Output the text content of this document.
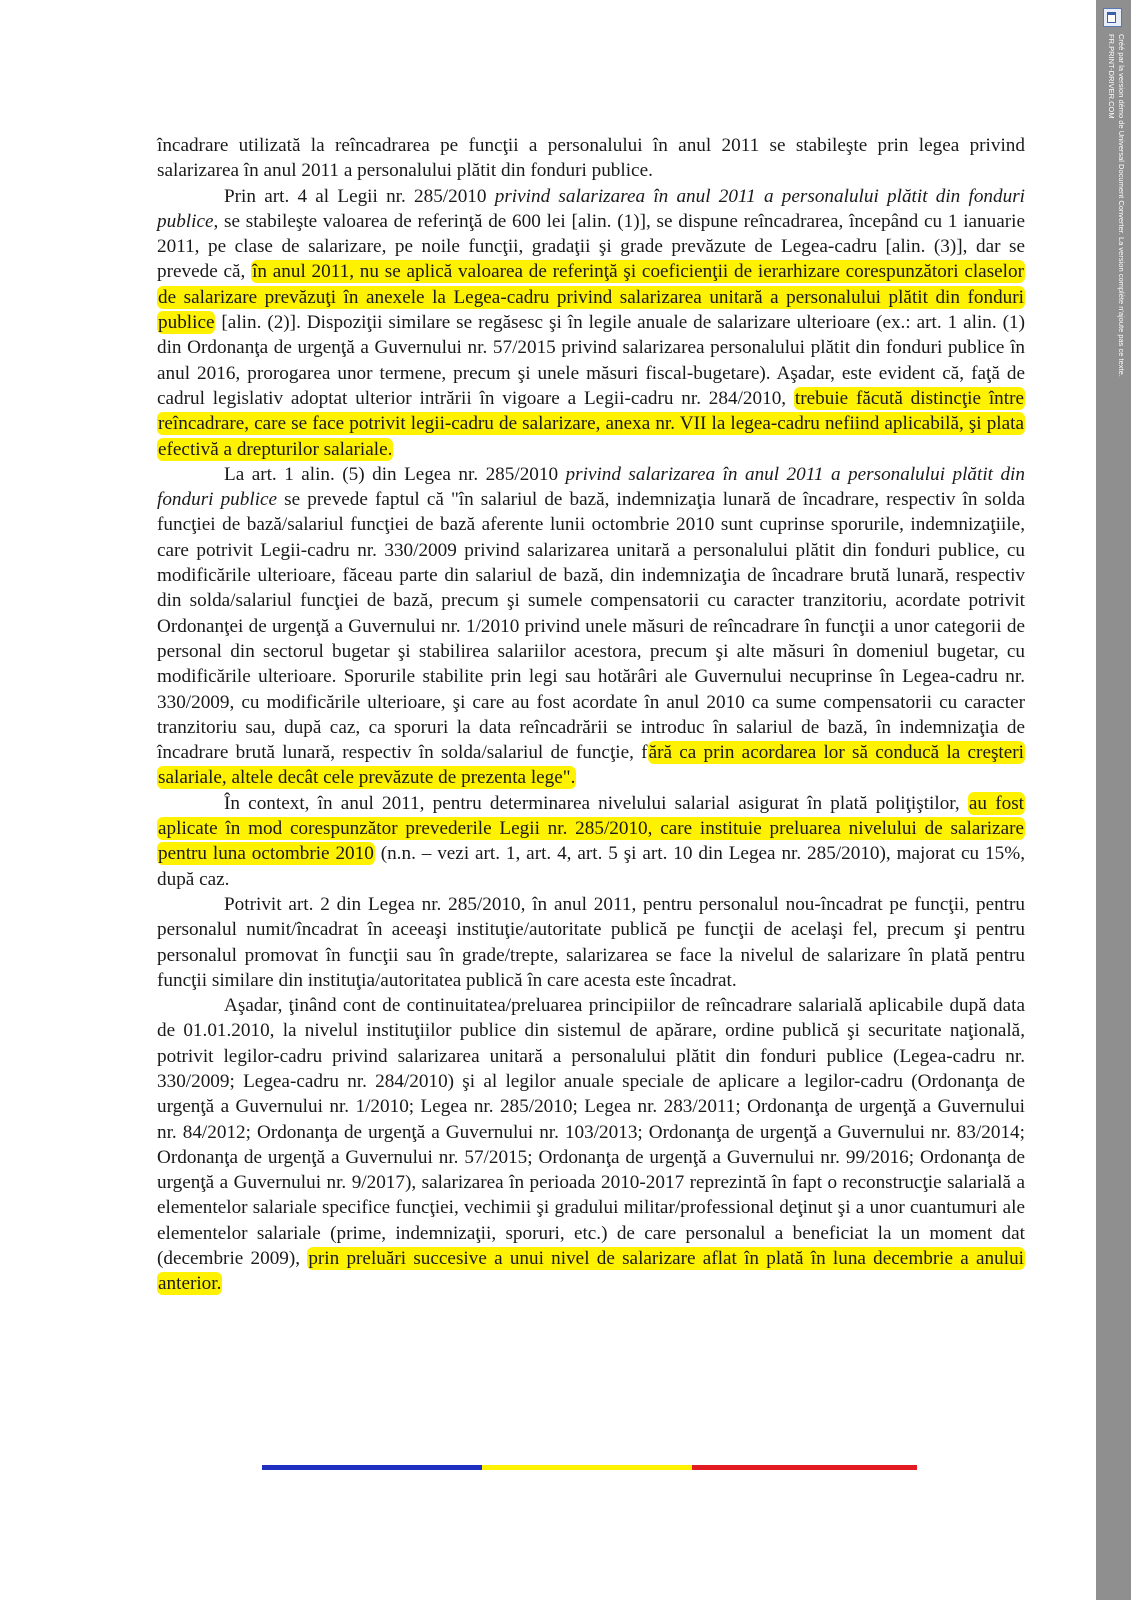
încadrare utilizată la reîncadrarea pe funcţii a personalului în anul 2011 se stabileşte prin legea privind salarizarea în anul 2011 a personalului plătit din fonduri publice.

Prin art. 4 al Legii nr. 285/2010 privind salarizarea în anul 2011 a personalului plătit din fonduri publice, se stabileşte valoarea de referinţă de 600 lei [alin. (1)], se dispune reîncadrarea, începând cu 1 ianuarie 2011, pe clase de salarizare, pe noile funcţii, gradaţii şi grade prevăzute de Legea-cadru [alin. (3)], dar se prevede că, în anul 2011, nu se aplică valoarea de referinţă şi coeficienţii de ierarhizare corespunzători claselor de salarizare prevăzuţi în anexele la Legea-cadru privind salarizarea unitară a personalului plătit din fonduri publice [alin. (2)]. Dispoziţii similare se regăsesc şi în legile anuale de salarizare ulterioare (ex.: art. 1 alin. (1) din Ordonanţa de urgenţă a Guvernului nr. 57/2015 privind salarizarea personalului plătit din fonduri publice în anul 2016, prorogarea unor termene, precum şi unele măsuri fiscal-bugetare). Aşadar, este evident că, faţă de cadrul legislativ adoptat ulterior intrării în vigoare a Legii-cadru nr. 284/2010, trebuie făcută distincţie între reîncadrare, care se face potrivit legii-cadru de salarizare, anexa nr. VII la legea-cadru nefiind aplicabilă, şi plata efectivă a drepturilor salariale.

La art. 1 alin. (5) din Legea nr. 285/2010 privind salarizarea în anul 2011 a personalului plătit din fonduri publice se prevede faptul că "în salariul de bază, indemnizaţia lunară de încadrare, respectiv în solda funcţiei de bază/salariul funcţiei de bază aferente lunii octombrie 2010 sunt cuprinse sporurile, indemnizaţiile, care potrivit Legii-cadru nr. 330/2009 privind salarizarea unitară a personalului plătit din fonduri publice, cu modificările ulterioare, făceau parte din salariul de bază, din indemnizaţia de încadrare brută lunară, respectiv din solda/salariul funcţiei de bază, precum şi sumele compensatorii cu caracter tranzitoriu, acordate potrivit Ordonanţei de urgenţă a Guvernului nr. 1/2010 privind unele măsuri de reîncadrare în funcţii a unor categorii de personal din sectorul bugetar şi stabilirea salariilor acestora, precum şi alte măsuri în domeniul bugetar, cu modificările ulterioare. Sporurile stabilite prin legi sau hotărâri ale Guvernului necuprinse în Legea-cadru nr. 330/2009, cu modificările ulterioare, şi care au fost acordate în anul 2010 ca sume compensatorii cu caracter tranzitoriu sau, după caz, ca sporuri la data reîncadrării se introduc în salariul de bază, în indemnizaţia de încadrare brută lunară, respectiv în solda/salariul de funcţie, fără ca prin acordarea lor să conducă la creşteri salariale, altele decât cele prevăzute de prezenta lege".

În context, în anul 2011, pentru determinarea nivelului salarial asigurat în plată poliţiştilor, au fost aplicate în mod corespunzător prevederile Legii nr. 285/2010, care instituie preluarea nivelului de salarizare pentru luna octombrie 2010 (n.n. – vezi art. 1, art. 4, art. 5 şi art. 10 din Legea nr. 285/2010), majorat cu 15%, după caz.

Potrivit art. 2 din Legea nr. 285/2010, în anul 2011, pentru personalul nou-încadrat pe funcţii, pentru personalul numit/încadrat în aceeaşi instituţie/autoritate publică pe funcţii de acelaşi fel, precum şi pentru personalul promovat în funcţii sau în grade/trepte, salarizarea se face la nivelul de salarizare în plată pentru funcţii similare din instituţia/autoritatea publică în care acesta este încadrat.

Aşadar, ţinând cont de continuitatea/preluarea principiilor de reîncadrare salarială aplicabile după data de 01.01.2010, la nivelul instituţiilor publice din sistemul de apărare, ordine publică şi securitate naţională, potrivit legilor-cadru privind salarizarea unitară a personalului plătit din fonduri publice (Legea-cadru nr. 330/2009; Legea-cadru nr. 284/2010) şi al legilor anuale speciale de aplicare a legilor-cadru (Ordonanţa de urgenţă a Guvernului nr. 1/2010; Legea nr. 285/2010; Legea nr. 283/2011; Ordonanţa de urgenţă a Guvernului nr. 84/2012; Ordonanţa de urgenţă a Guvernului nr. 103/2013; Ordonanţa de urgenţă a Guvernului nr. 83/2014; Ordonanţa de urgenţă a Guvernului nr. 57/2015; Ordonanţa de urgenţă a Guvernului nr. 99/2016; Ordonanţa de urgenţă a Guvernului nr. 9/2017), salarizarea în perioada 2010-2017 reprezintă în fapt o reconstrucţie salarială a elementelor salariale specifice funcţiei, vechimii şi gradului militar/professional deţinut şi a unor cuantumuri ale elementelor salariale (prime, indemnizaţii, sporuri, etc.) de care personalul a beneficiat la un moment dat (decembrie 2009), prin preluări succesive a unui nivel de salarizare aflat în plată în luna decembrie a anului anterior.

Créé par la version démo de Universal Document Converter. La version complète n'ajoute pas ce texte.
FR.PRINT-DRIVER.COM
